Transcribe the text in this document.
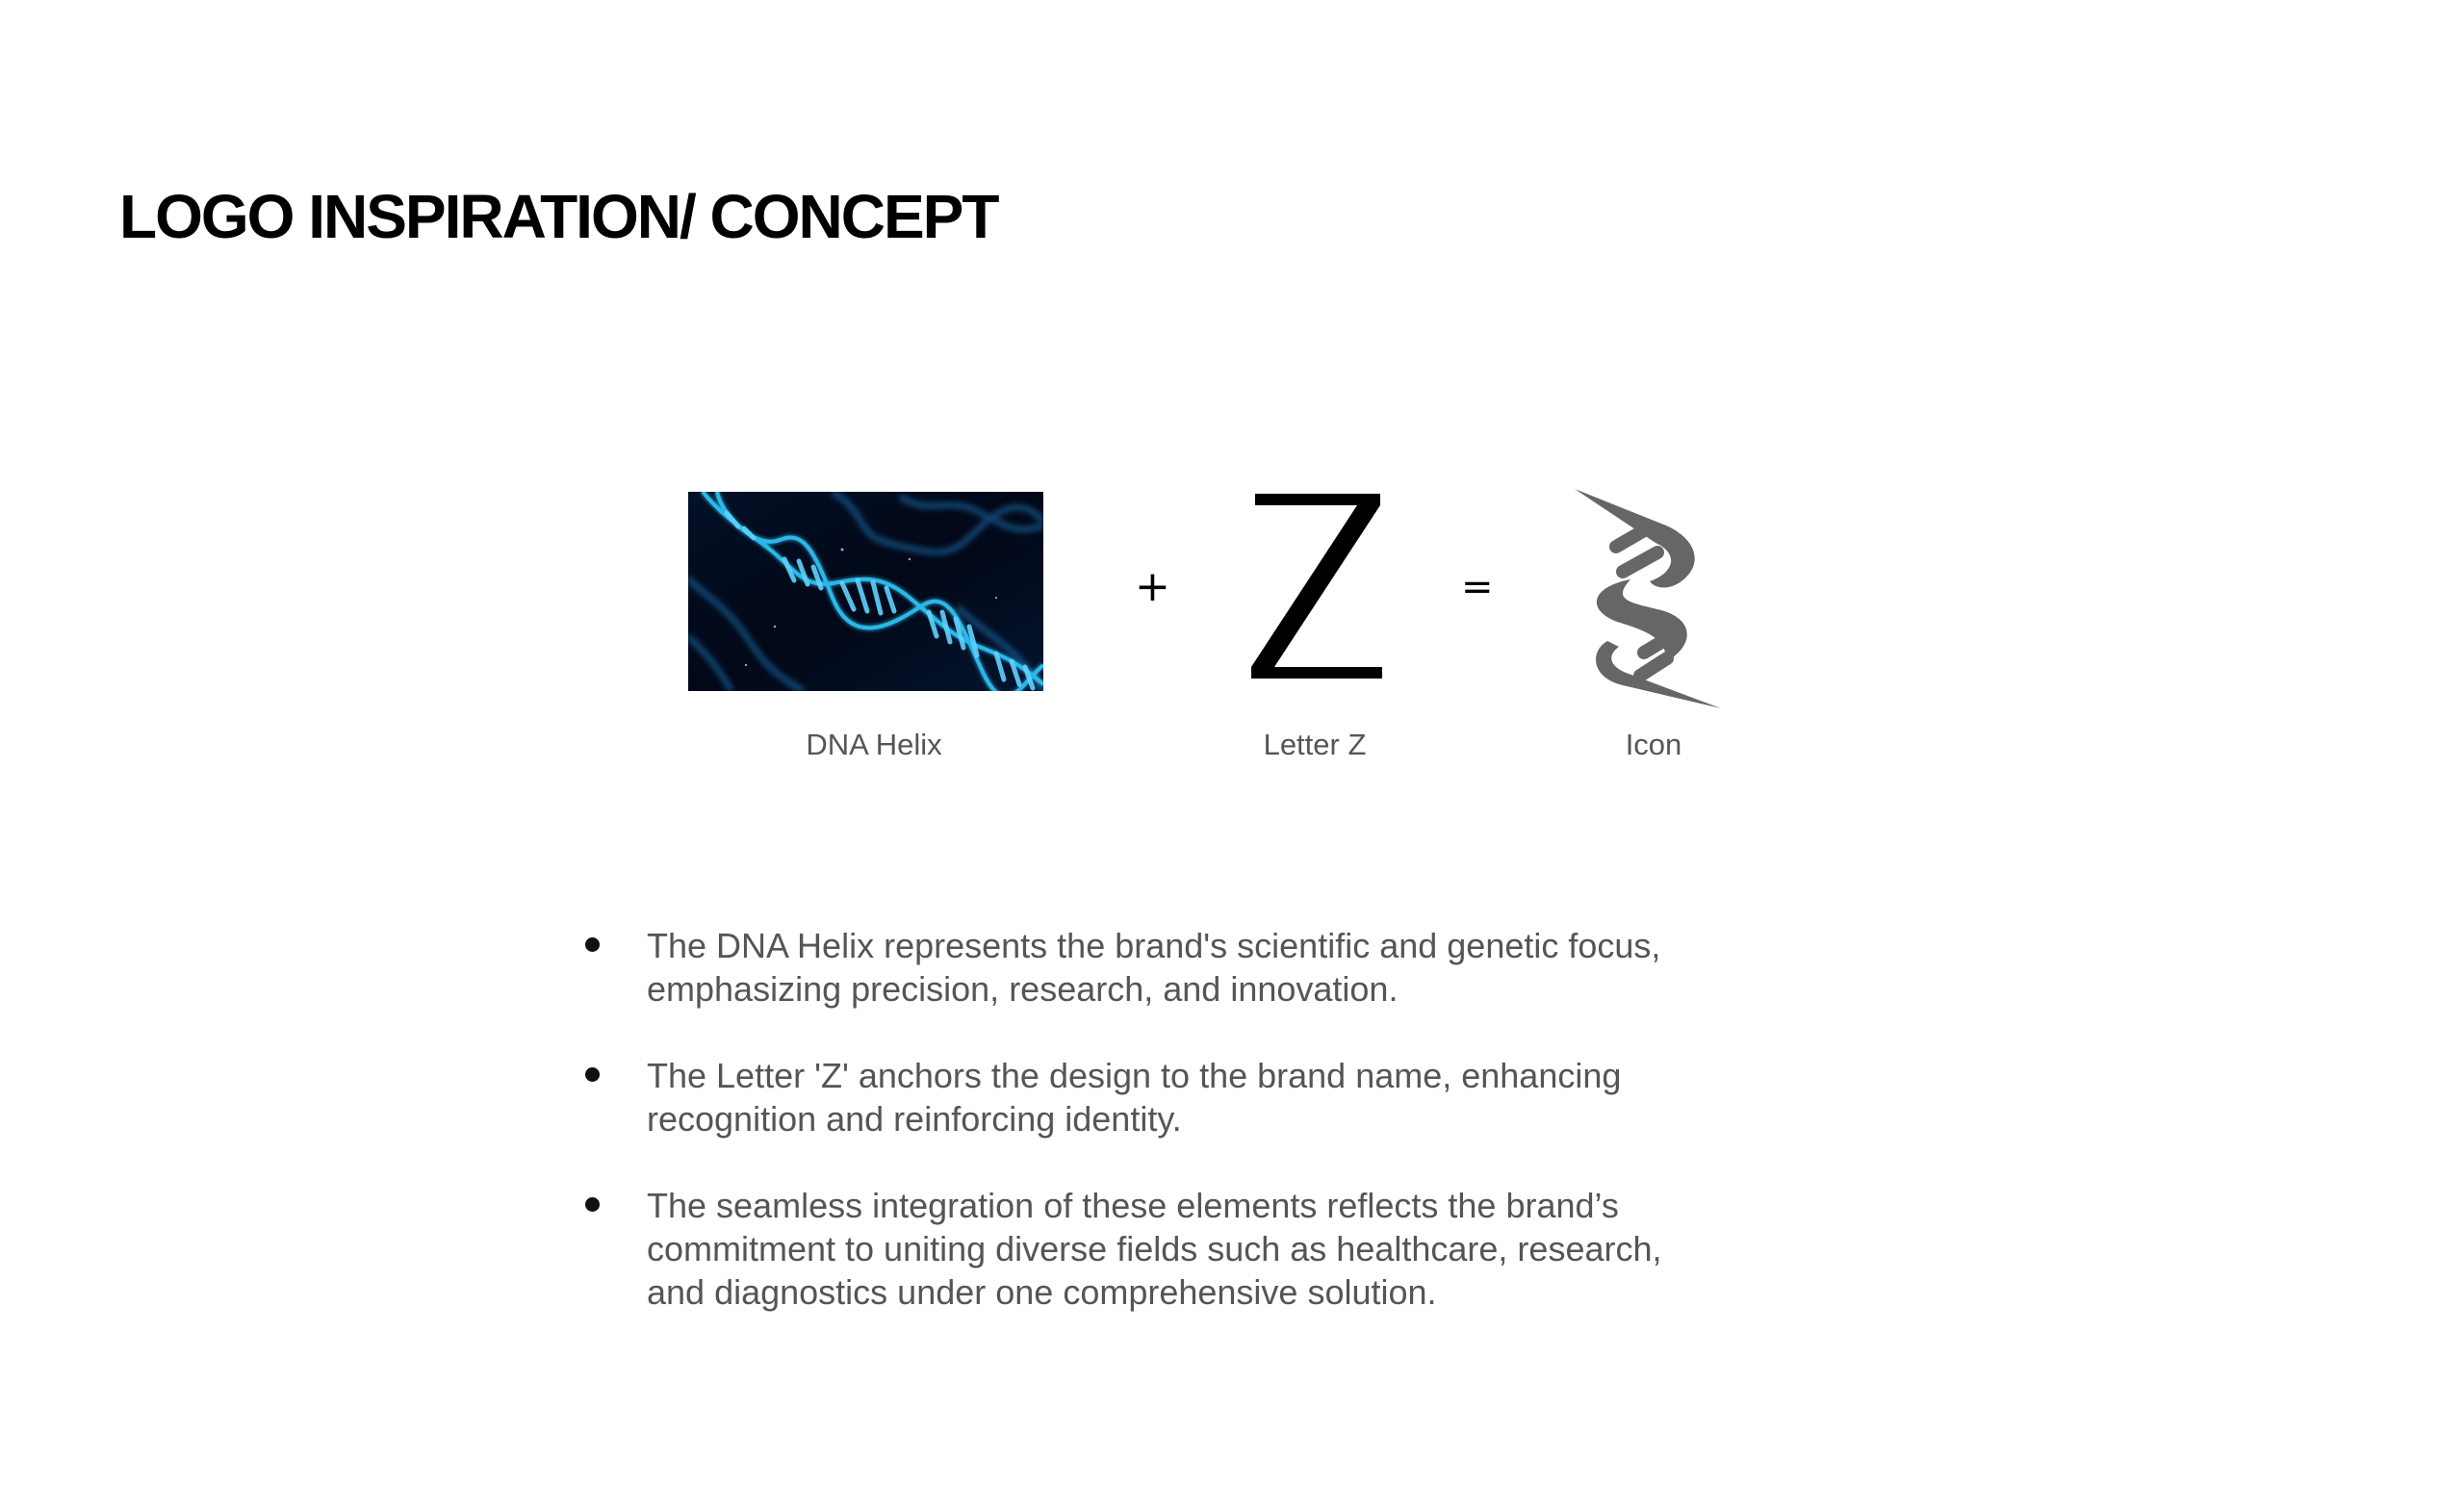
LOGO INSPIRATION/ CONCEPT
+	=
DNA Helix	Letter Z	Icon
The DNA Helix represents the brand's scientific and genetic focus, emphasizing precision, research, and innovation.
The Letter 'Z' anchors the design to the brand name, enhancing recognition and reinforcing identity.
The seamless integration of these elements reflects the brand’s commitment to uniting diverse fields such as healthcare, research, and diagnostics under one comprehensive solution.
